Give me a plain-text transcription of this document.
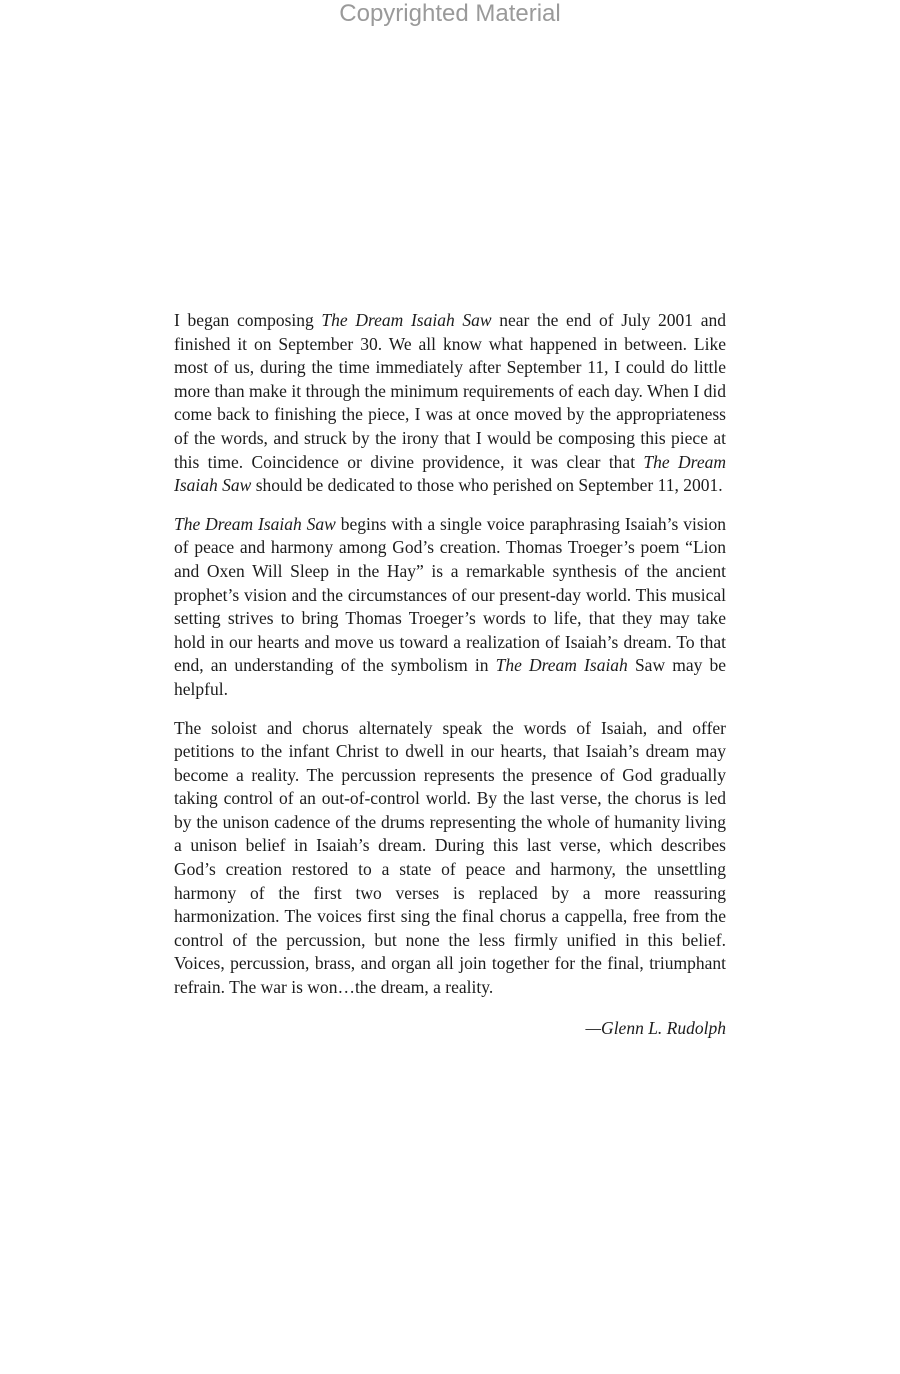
Copyrighted Material

I began composing The Dream Isaiah Saw near the end of July 2001 and finished it on September 30. We all know what happened in between. Like most of us, during the time immediately after September 11, I could do little more than make it through the minimum requirements of each day. When I did come back to finishing the piece, I was at once moved by the appropriateness of the words, and struck by the irony that I would be composing this piece at this time. Coincidence or divine providence, it was clear that The Dream Isaiah Saw should be dedicated to those who perished on September 11, 2001.

The Dream Isaiah Saw begins with a single voice paraphrasing Isaiah’s vision of peace and harmony among God’s creation. Thomas Troeger’s poem “Lion and Oxen Will Sleep in the Hay” is a remarkable synthesis of the ancient prophet’s vision and the circumstances of our present-day world. This musical setting strives to bring Thomas Troeger’s words to life, that they may take hold in our hearts and move us toward a realization of Isaiah’s dream. To that end, an understanding of the symbolism in The Dream Isaiah Saw may be helpful.

The soloist and chorus alternately speak the words of Isaiah, and offer petitions to the infant Christ to dwell in our hearts, that Isaiah’s dream may become a reality. The percussion represents the presence of God gradually taking control of an out-of-control world. By the last verse, the chorus is led by the unison cadence of the drums representing the whole of humanity living a unison belief in Isaiah’s dream. During this last verse, which describes God’s creation restored to a state of peace and harmony, the unsettling harmony of the first two verses is replaced by a more reassuring harmonization. The voices first sing the final chorus a cappella, free from the control of the percussion, but none the less firmly unified in this belief. Voices, percussion, brass, and organ all join together for the final, triumphant refrain. The war is won…the dream, a reality.

—Glenn L. Rudolph
